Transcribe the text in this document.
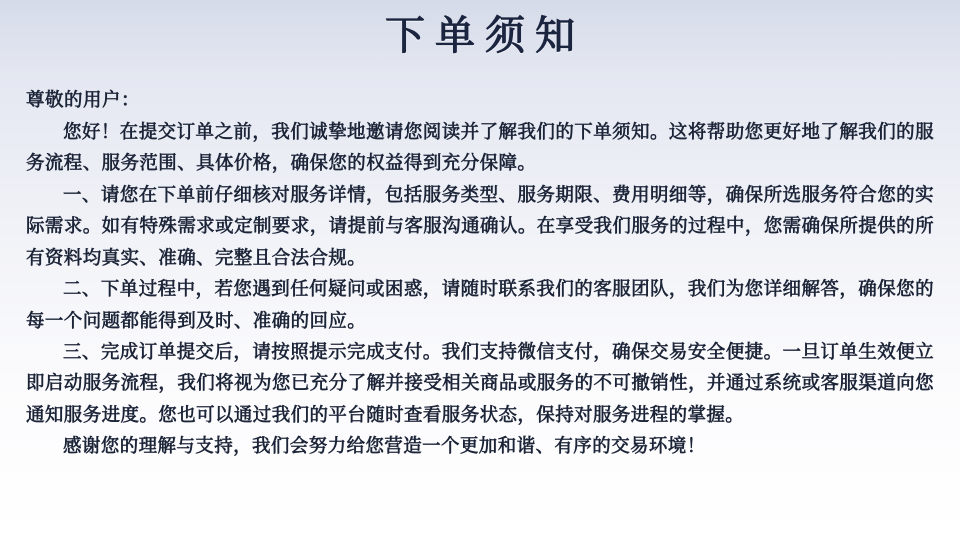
下单须知

尊敬的用户：

您好！在提交订单之前，我们诚挚地邀请您阅读并了解我们的下单须知。这将帮助您更好地了解我们的服务流程、服务范围、具体价格，确保您的权益得到充分保障。

一、请您在下单前仔细核对服务详情，包括服务类型、服务期限、费用明细等，确保所选服务符合您的实际需求。如有特殊需求或定制要求，请提前与客服沟通确认。在享受我们服务的过程中，您需确保所提供的所有资料均真实、准确、完整且合法合规。

二、下单过程中，若您遇到任何疑问或困惑，请随时联系我们的客服团队，我们为您详细解答，确保您的每一个问题都能得到及时、准确的回应。

三、完成订单提交后，请按照提示完成支付。我们支持微信支付，确保交易安全便捷。一旦订单生效便立即启动服务流程，我们将视为您已充分了解并接受相关商品或服务的不可撤销性，并通过系统或客服渠道向您通知服务进度。您也可以通过我们的平台随时查看服务状态，保持对服务进程的掌握。

感谢您的理解与支持，我们会努力给您营造一个更加和谐、有序的交易环境！
